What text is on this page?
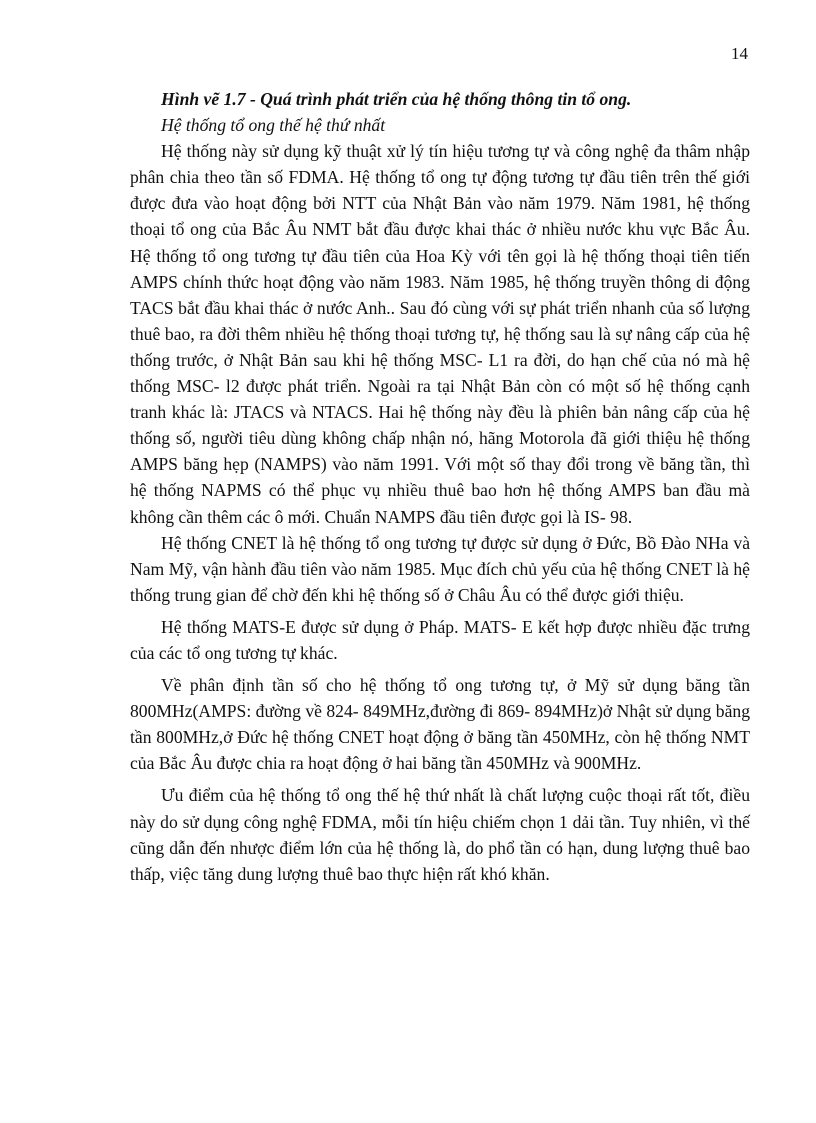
14

Hình vẽ 1.7 - Quá trình phát triển của hệ thống thông tin tổ ong.

Hệ thống tổ ong thế hệ thứ nhất

Hệ thống này sử dụng kỹ thuật xử lý tín hiệu tương tự và công nghệ đa thâm nhập phân chia theo tần số FDMA. Hệ thống tổ ong tự động tương tự đầu tiên trên thế giới được đưa vào hoạt động bởi NTT của Nhật Bản vào năm 1979. Năm 1981, hệ thống thoại tổ ong của Bắc Âu NMT bắt đầu được khai thác ở nhiều nước khu vực Bắc Âu. Hệ thống tổ ong tương tự đầu tiên của Hoa Kỳ với tên gọi là hệ thống thoại tiên tiến AMPS chính thức hoạt động vào năm 1983. Năm 1985, hệ thống truyền thông di động TACS bắt đầu khai thác ở nước Anh.. Sau đó cùng với sự phát triển nhanh của số lượng thuê bao, ra đời thêm nhiều hệ thống thoại tương tự, hệ thống sau là sự nâng cấp của hệ thống trước, ở Nhật Bản sau khi hệ thống MSC- L1 ra đời, do hạn chế của nó mà hệ thống MSC- l2 được phát triển. Ngoài ra tại Nhật Bản còn có một số hệ thống cạnh tranh khác là: JTACS và NTACS. Hai hệ thống này đều là phiên bản nâng cấp của hệ thống số, người tiêu dùng không chấp nhận nó, hãng Motorola đã giới thiệu hệ thống AMPS băng hẹp (NAMPS) vào năm 1991. Với một số thay đổi trong về băng tần, thì hệ thống NAPMS có thể phục vụ nhiều thuê bao hơn hệ thống AMPS ban đầu mà không cần thêm các ô mới. Chuẩn NAMPS đầu tiên được gọi là IS- 98.

Hệ thống CNET là hệ thống tổ ong tương tự được sử dụng ở Đức, Bồ Đào NHa và Nam Mỹ, vận hành đầu tiên vào năm 1985. Mục đích chủ yếu của hệ thống CNET là hệ thống trung gian để chờ đến khi hệ thống số ở Châu Âu có thể được giới thiệu.

Hệ thống MATS-E được sử dụng ở Pháp. MATS- E kết hợp được nhiều đặc trưng của các tổ ong tương tự khác.

Về phân định tần số cho hệ thống tổ ong tương tự, ở Mỹ sử dụng băng tần 800MHz(AMPS: đường về 824- 849MHz,đường đi 869- 894MHz)ở Nhật sử dụng băng tần 800MHz,ở Đức hệ thống CNET hoạt động ở băng tần 450MHz, còn hệ thống NMT của Bắc Âu được chia ra hoạt động ở hai băng tần 450MHz và 900MHz.

Ưu điểm của hệ thống tổ ong thế hệ thứ nhất là chất lượng cuộc thoại rất tốt, điều này do sử dụng công nghệ FDMA, mỗi tín hiệu chiếm chọn 1 dải tần. Tuy nhiên, vì thế cũng dẫn đến nhược điểm lớn của hệ thống là, do phổ tần có hạn, dung lượng thuê bao thấp, việc tăng dung lượng thuê bao thực hiện rất khó khăn.
